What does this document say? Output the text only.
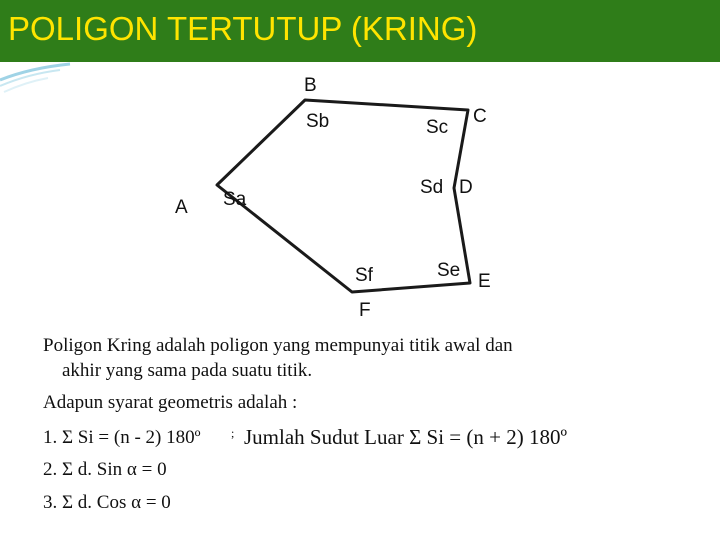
POLIGON TERTUTUP (KRING)
B
C
A
D
E
F
Sb	Sc
Sa
Sd
Se
Sf
Poligon Kring adalah poligon yang mempunyai titik awal dan
akhir yang sama pada suatu titik.
Adapun syarat geometris adalah :
1. Σ Si = (n - 2) 180º	; Jumlah Sudut Luar Σ Si = (n + 2) 180º
2. Σ d. Sin α = 0
3. Σ d. Cos α = 0
